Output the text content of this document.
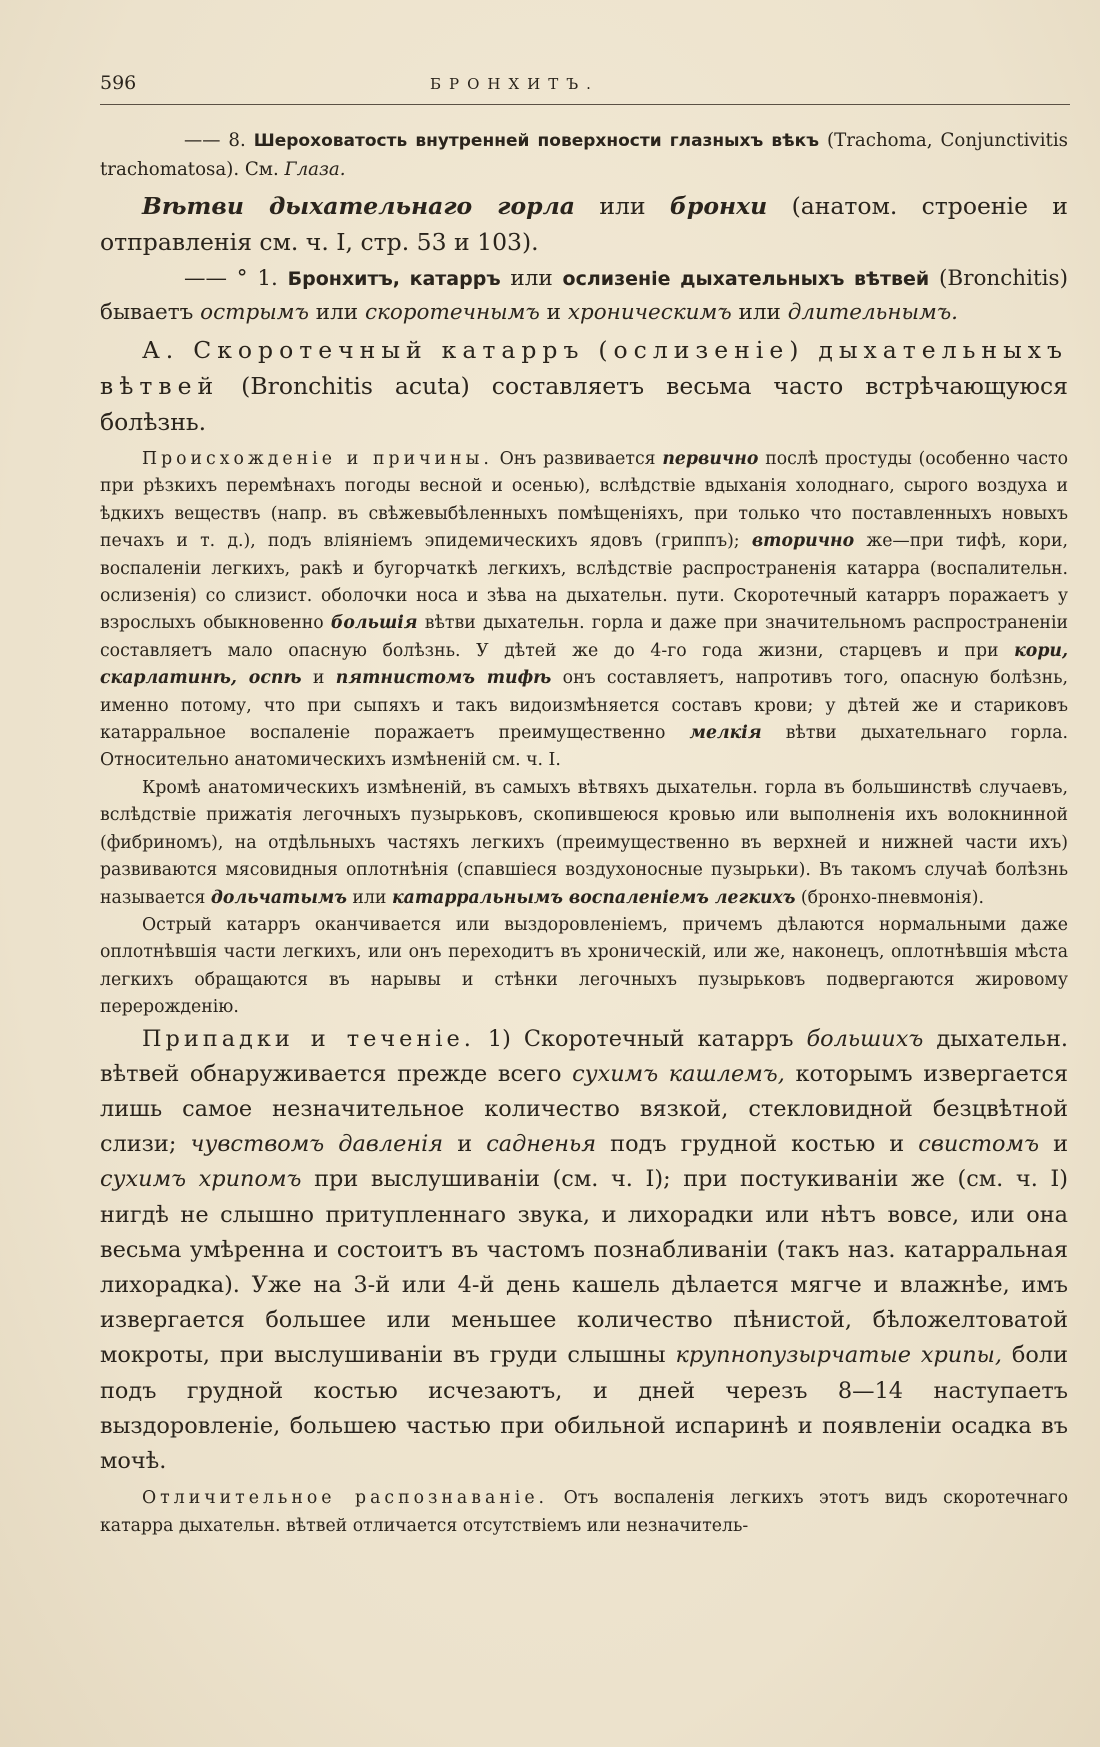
596	БРОНХИТЪ.

—— 8. Шероховатость внутренней поверхности глазныхъ вѣкъ (Trachoma, Conjunctivitis trachomatosa). См. Глаза.

Вѣтви дыхательнаго горла или бронхи (анатом. строеніе и отправленія см. ч. I, стр. 53 и 103).

—— ° 1. Бронхитъ, катарръ или ослизеніе дыхательныхъ вѣтвей (Bronchitis) бываетъ острымъ или скоротечнымъ и хроническимъ или длительнымъ.

А. Скоротечный катарръ (ослизеніе) дыхательныхъ вѣтвей (Bronchitis acuta) составляетъ весьма часто встрѣчающуюся болѣзнь.

Происхожденіе и причины. Онъ развивается первично послѣ простуды (особенно часто при рѣзкихъ перемѣнахъ погоды весной и осенью), вслѣдствіе вдыханія холоднаго, сырого воздуха и ѣдкихъ веществъ (напр. въ свѣжевыбѣленныхъ помѣщеніяхъ, при только что поставленныхъ новыхъ печахъ и т. д.), подъ вліяніемъ эпидемическихъ ядовъ (гриппъ); вторично же—при тифѣ, кори, воспаленіи легкихъ, ракѣ и бугорчаткѣ легкихъ, вслѣдствіе распространенія катарра (воспалительн. ослизенія) со слизист. оболочки носа и зѣва на дыхательн. пути. Скоротечный катарръ поражаетъ у взрослыхъ обыкновенно большія вѣтви дыхательн. горла и даже при значительномъ распространеніи составляетъ мало опасную болѣзнь. У дѣтей же до 4-го года жизни, старцевъ и при кори, скарлатинѣ, оспѣ и пятнистомъ тифѣ онъ составляетъ, напротивъ того, опасную болѣзнь, именно потому, что при сыпяхъ и такъ видоизмѣняется составъ крови; у дѣтей же и стариковъ катарральное воспаленіе поражаетъ преимущественно мелкія вѣтви дыхательнаго горла. Относительно анатомическихъ измѣненій см. ч. I.

Кромѣ анатомическихъ измѣненій, въ самыхъ вѣтвяхъ дыхательн. горла въ большинствѣ случаевъ, вслѣдствіе прижатія легочныхъ пузырьковъ, скопившеюся кровью или выполненія ихъ волокнинной (фибриномъ), на отдѣльныхъ частяхъ легкихъ (преимущественно въ верхней и нижней части ихъ) развиваются мясовидныя оплотнѣнія (спавшіеся воздухоносные пузырьки). Въ такомъ случаѣ болѣзнь называется дольчатымъ или катарральнымъ воспаленіемъ легкихъ (бронхо-пневмонія).

Острый катарръ оканчивается или выздоровленіемъ, причемъ дѣлаются нормальными даже оплотнѣвшія части легкихъ, или онъ переходитъ въ хроническій, или же, наконецъ, оплотнѣвшія мѣста легкихъ обращаются въ нарывы и стѣнки легочныхъ пузырьковъ подвергаются жировому перерожденію.

Припадки и теченіе. 1) Скоротечный катарръ большихъ дыхательн. вѣтвей обнаруживается прежде всего сухимъ кашлемъ, которымъ извергается лишь самое незначительное количество вязкой, стекловидной безцвѣтной слизи; чувствомъ давленія и садненья подъ грудной костью и свистомъ и сухимъ хрипомъ при выслушиваніи (см. ч. I); при постукиваніи же (см. ч. I) нигдѣ не слышно притупленнаго звука, и лихорадки или нѣтъ вовсе, или она весьма умѣренна и состоитъ въ частомъ познабливаніи (такъ наз. катарральная лихорадка). Уже на 3-й или 4-й день кашель дѣлается мягче и влажнѣе, имъ извергается большее или меньшее количество пѣнистой, бѣложелтоватой мокроты, при выслушиваніи въ груди слышны крупнопузырчатые хрипы, боли подъ грудной костью исчезаютъ, и дней черезъ 8—14 наступаетъ выздоровленіе, большею частью при обильной испаринѣ и появленіи осадка въ мочѣ.

Отличительное распознаваніе. Отъ воспаленія легкихъ этотъ видъ скоротечнаго катарра дыхательн. вѣтвей отличается отсутствіемъ или незначитель-
